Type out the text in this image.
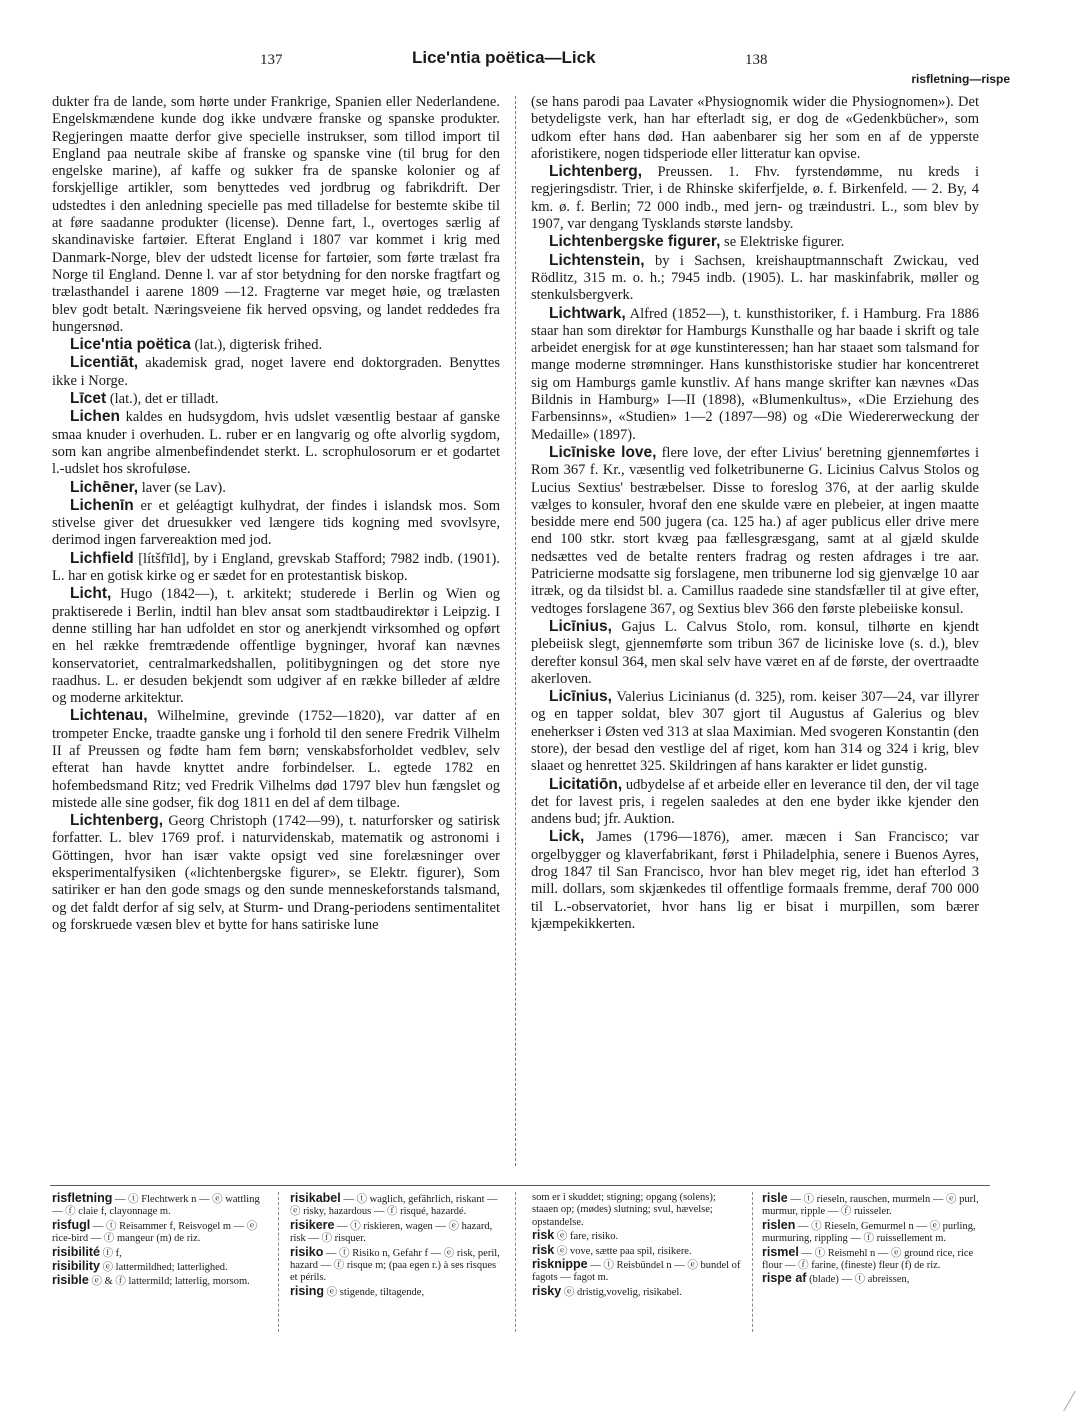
137	Lice'ntia poëtica—Lick	138
risfletning—rispe

dukter fra de lande, som hørte under Frankrige, Spanien eller Nederlandene. Engelskmændene kunde dog ikke undvære franske og spanske produkter. Regjeringen maatte derfor give specielle instrukser, som tillod import til England paa neutrale skibe af franske og spanske vine (til brug for den engelske marine), af kaffe og sukker fra de spanske kolonier og af forskjellige artikler, som benyttedes ved jordbrug og fabrikdrift. Der udstedtes i den anledning specielle pas med tilladelse for bestemte skibe til at føre saadanne produkter (license). Denne fart, l., overtoges særlig af skandinaviske fartøier. Efterat England i 1807 var kommet i krig med Danmark-Norge, blev der udstedt license for fartøier, som førte trælast fra Norge til England. Denne l. var af stor betydning for den norske fragtfart og trælasthandel i aarene 1809 —12. Fragterne var meget høie, og trælasten blev godt betalt. Næringsveiene fik herved opsving, og landet reddedes fra hungersnød.

Lice'ntia poëtica (lat.), digterisk frihed.

Licentiāt, akademisk grad, noget lavere end doktorgraden. Benyttes ikke i Norge.

Līcet (lat.), det er tilladt.

Lichen kaldes en hudsygdom, hvis udslet væsentlig bestaar af ganske smaa knuder i overhuden. L. ruber er en langvarig og ofte alvorlig sygdom, som kan angribe almenbefindendet sterkt. L. scrophulosorum er et godartet l.-udslet hos skrofuløse.

Lichēner, laver (se Lav).

Lichenīn er et geléagtigt kulhydrat, der findes i islandsk mos. Som stivelse giver det druesukker ved længere tids kogning med svovlsyre, derimod ingen farvereaktion med jod.

Lichfield [lítšfīld], by i England, grevskab Stafford; 7982 indb. (1901). L. har en gotisk kirke og er sædet for en protestantisk biskop.

Licht, Hugo (1842—), t. arkitekt; studerede i Berlin og Wien og praktiserede i Berlin, indtil han blev ansat som stadtbaudirektør i Leipzig. I denne stilling har han udfoldet en stor og anerkjendt virksomhed og opført en hel række fremtrædende offentlige bygninger, hvoraf kan nævnes konservatoriet, centralmarkedshallen, politibygningen og det store nye raadhus. L. er desuden bekjendt som udgiver af en række billeder af ældre og moderne arkitektur.

Lichtenau, Wilhelmine, grevinde (1752—1820), var datter af en trompeter Encke, traadte ganske ung i forhold til den senere Fredrik Vilhelm II af Preussen og fødte ham fem børn; venskabsforholdet vedblev, selv efterat han havde knyttet andre forbindelser. L. egtede 1782 en hofembedsmand Ritz; ved Fredrik Vilhelms død 1797 blev hun fængslet og mistede alle sine godser, fik dog 1811 en del af dem tilbage.

Lichtenberg, Georg Christoph (1742—99), t. naturforsker og satirisk forfatter. L. blev 1769 prof. i naturvidenskab, matematik og astronomi i Göttingen, hvor han især vakte opsigt ved sine forelæsninger over eksperimentalfysiken («lichtenbergske figurer», se Elektr. figurer), Som satiriker er han den gode smags og den sunde menneskeforstands talsmand, og det faldt derfor af sig selv, at Sturm- und Drang-periodens sentimentalitet og forskruede væsen blev et bytte for hans satiriske lune

(se hans parodi paa Lavater «Physiognomik wider die Physiognomen»). Det betydeligste verk, han har efterladt sig, er dog de «Gedenkbücher», som udkom efter hans død. Han aabenbarer sig her som en af de ypperste aforistikere, nogen tidsperiode eller litteratur kan opvise.

Lichtenberg, Preussen. 1. Fhv. fyrstendømme, nu kreds i regjeringsdistr. Trier, i de Rhinske skiferfjelde, ø. f. Birkenfeld. — 2. By, 4 km. ø. f. Berlin; 72 000 indb., med jern- og træindustri. L., som blev by 1907, var dengang Tysklands største landsby.

Lichtenbergske figurer, se Elektriske figurer.

Lichtenstein, by i Sachsen, kreishauptmannschaft Zwickau, ved Rödlitz, 315 m. o. h.; 7945 indb. (1905). L. har maskinfabrik, møller og stenkulsbergverk.

Lichtwark, Alfred (1852—), t. kunsthistoriker, f. i Hamburg. Fra 1886 staar han som direktør for Hamburgs Kunsthalle og har baade i skrift og tale arbeidet energisk for at øge kunstinteressen; han har staaet som talsmand for mange moderne strømninger. Hans kunsthistoriske studier har koncentreret sig om Hamburgs gamle kunstliv. Af hans mange skrifter kan nævnes «Das Bildnis in Hamburg» I—II (1898), «Blumenkultus», «Die Erziehung des Farbensinns», «Studien» 1—2 (1897—98) og «Die Wiedererweckung der Medaille» (1897).

Licīniske love, flere love, der efter Livius' beretning gjennemførtes i Rom 367 f. Kr., væsentlig ved folketribunerne G. Licinius Calvus Stolos og Lucius Sextius' bestræbelser. Disse to foreslog 376, at der aarlig skulde vælges to konsuler, hvoraf den ene skulde være en plebeier, at ingen maatte besidde mere end 500 jugera (ca. 125 ha.) af ager publicus eller drive mere end 100 stkr. stort kvæg paa fællesgræsgang, samt at al gjæld skulde nedsættes ved de betalte renters fradrag og resten afdrages i tre aar. Patricierne modsatte sig forslagene, men tribunerne lod sig gjenvælge 10 aar itræk, og da tilsidst bl. a. Camillus raadede sine standsfæller til at give efter, vedtoges forslagene 367, og Sextius blev 366 den første plebeiiske konsul.

Licīnius, Gajus L. Calvus Stolo, rom. konsul, tilhørte en kjendt plebeiisk slegt, gjennemførte som tribun 367 de liciniske love (s. d.), blev derefter konsul 364, men skal selv have været en af de første, der overtraadte akerloven.

Licīnius, Valerius Licinianus (d. 325), rom. keiser 307—24, var illyrer og en tapper soldat, blev 307 gjort til Augustus af Galerius og blev eneherkser i Østen ved 313 at slaa Maximian. Med svogeren Konstantin (den store), der besad den vestlige del af riget, kom han 314 og 324 i krig, blev slaaet og henrettet 325. Skildringen af hans karakter er lidet gunstig.

Licitatiōn, udbydelse af et arbeide eller en leverance til den, der vil tage det for lavest pris, i regelen saaledes at den ene byder ikke kjender den andens bud; jfr. Auktion.

Lick, James (1796—1876), amer. mæcen i San Francisco; var orgelbygger og klaverfabrikant, først i Philadelphia, senere i Buenos Ayres, drog 1847 til San Francisco, hvor han blev meget rig, idet han efterlod 3 mill. dollars, som skjænkedes til offentlige formaals fremme, deraf 700 000 til L.-observatoriet, hvor hans lig er bisat i murpillen, som bærer kjæmpekikkerten.

risfletning — ⓣ Flechtwerk n — ⓔ wattling — ⓕ claie f, clayonnage m.

risfugl — ⓣ Reisammer f, Reisvogel m — ⓔ rice-bird — ⓕ mangeur (m) de riz.

risibilité ⓕ f,

risibility ⓔ lattermildhed; latterlighed.

risible ⓔ & ⓕ lattermild; latterlig, morsom.

risikabel — ⓣ waglich, gefährlich, riskant — ⓔ risky, hazardous — ⓕ risqué, hazardé.

risikere — ⓣ riskieren, wagen — ⓔ hazard, risk — ⓕ risquer.

risiko — ⓣ Risiko n, Gefahr f — ⓔ risk, peril, hazard — ⓕ risque m; (paa egen r.) à ses risques et périls.

rising ⓔ stigende, tiltagende,

som er i skuddet; stigning; opgang (solens); staaen op; (mødes) slutning; svul, hævelse; opstandelse.

risk ⓔ fare, risiko.

risk ⓔ vove, sætte paa spil, risikere.

risknippe — ⓣ Reisbündel n — ⓔ bundel of fagots — fagot m.

risky ⓔ dristig,vovelig, risikabel.

risle — ⓣ rieseln, rauschen, murmeln — ⓔ purl, murmur, ripple — ⓕ ruisseler.

rislen — ⓣ Rieseln, Gemurmel n — ⓔ purling, murmuring, rippling — ⓕ ruissellement m.

rismel — ⓣ Reismehl n — ⓔ ground rice, rice flour — ⓕ farine, (fineste) fleur (f) de riz.

rispe af (blade) — ⓣ abreissen,
